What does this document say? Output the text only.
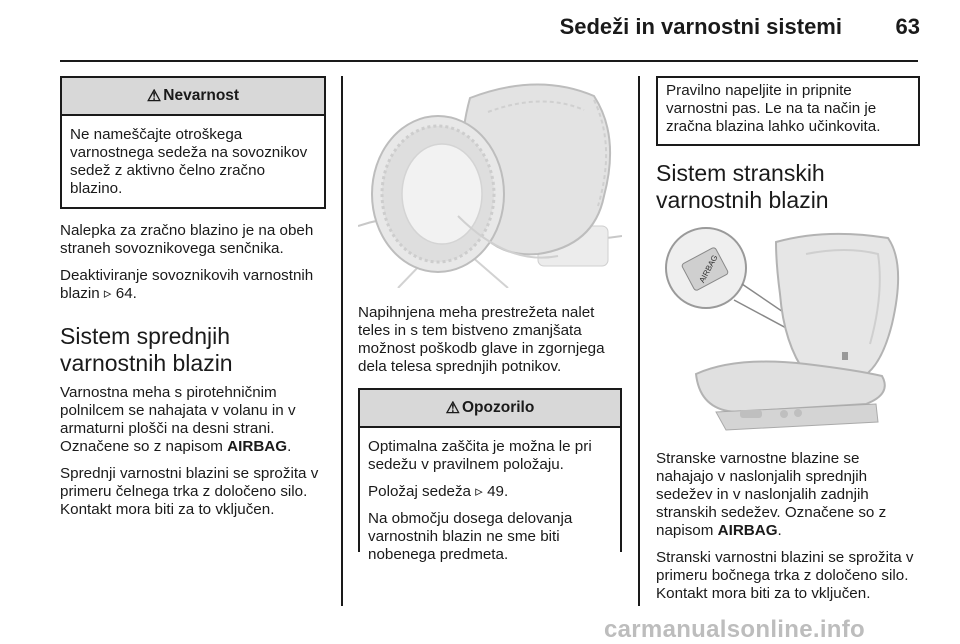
Sedeži in varnostni sistemi 63
⚠ Nevarnost

Ne nameščajte otroškega varnostnega sedeža na sovoznikov sedež z aktivno čelno zračno blazino.

Nalepka za zračno blazino je na obeh straneh sovoznikovega senčnika.

Deaktiviranje sovoznikovih varnostnih blazin ▹ 64.

Sistem sprednjih varnostnih blazin

Varnostna meha s pirotehničnim polnilcem se nahajata v volanu in v armaturni plošči na desni strani. Označene so z napisom AIRBAG.

Sprednji varnostni blazini se sprožita v primeru čelnega trka z določeno silo. Kontakt mora biti za to vključen.

Napihnjena meha prestrežeta nalet teles in s tem bistveno zmanjšata možnost poškodb glave in zgornjega dela telesa sprednjih potnikov.

⚠ Opozorilo

Optimalna zaščita je možna le pri sedežu v pravilnem položaju.

Položaj sedeža ▹ 49.

Na območju dosega delovanja varnostnih blazin ne sme biti nobenega predmeta.

Pravilno napeljite in pripnite varnostni pas. Le na ta način je zračna blazina lahko učinkovita.

Sistem stranskih varnostnih blazin
AIRBAG

Stranske varnostne blazine se nahajajo v naslonjalih sprednjih sedežev in v naslonjalih zadnjih stranskih sedežev. Označene so z napisom AIRBAG.

Stranski varnostni blazini se sprožita v primeru bočnega trka z določeno silo. Kontakt mora biti za to vključen.

carmanualsonline.info
